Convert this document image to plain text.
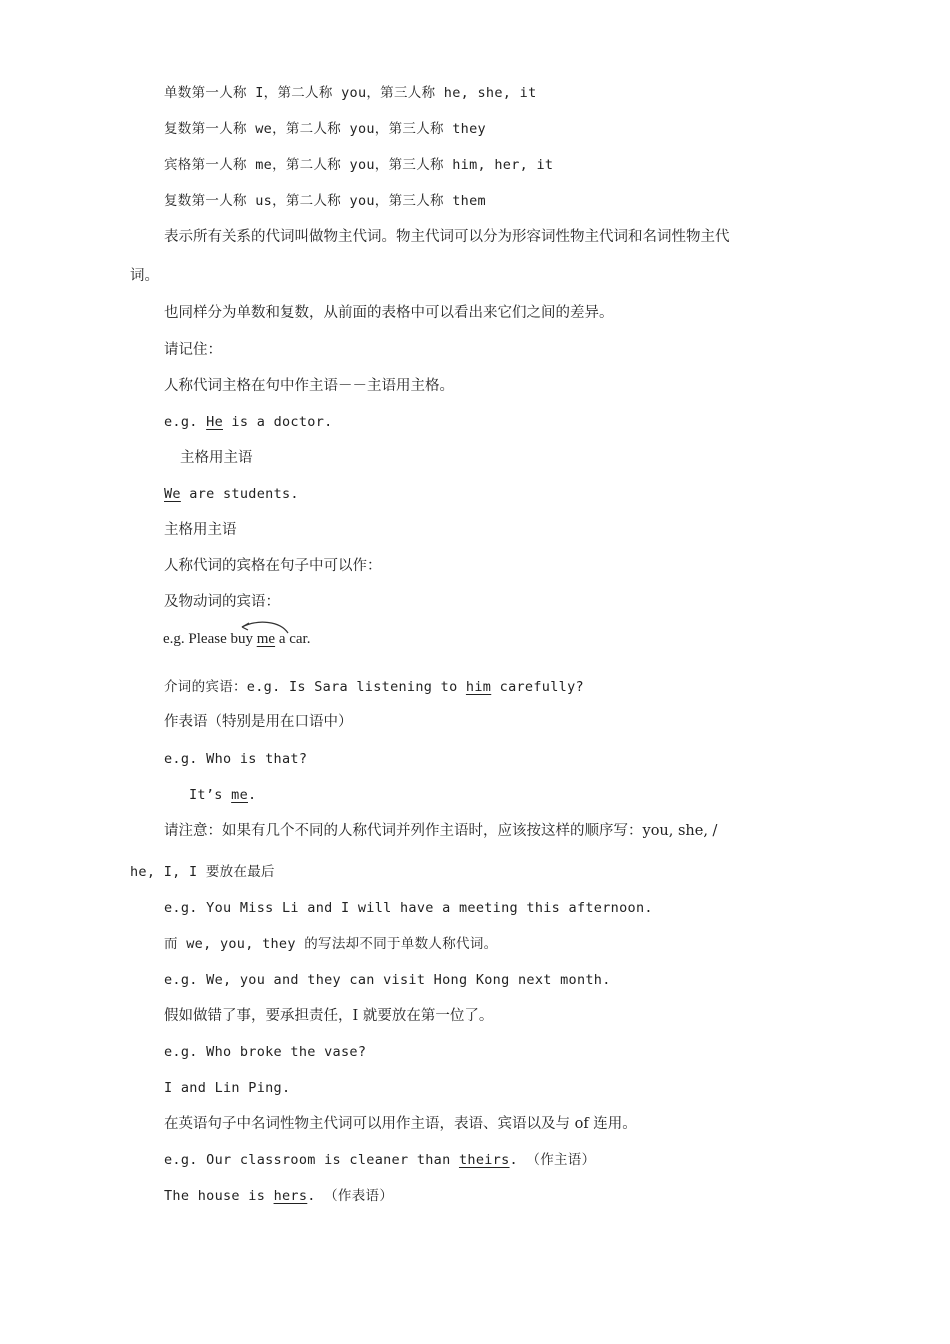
单数第一人称 I，第二人称 you，第三人称 he, she, it
复数第一人称 we，第二人称 you，第三人称 they
宾格第一人称 me，第二人称 you，第三人称 him, her, it
复数第一人称 us，第二人称 you，第三人称 them
表示所有关系的代词叫做物主代词。物主代词可以分为形容词性物主代词和名词性物主代
词。
也同样分为单数和复数，从前面的表格中可以看出来它们之间的差异。
请记住：
人称代词主格在句中作主语－－主语用主格。
e.g. He is a doctor.
主格用主语
We are students.
主格用主语
人称代词的宾格在句子中可以作：
及物动词的宾语：
e.g. Please buy me a car.
介词的宾语：e.g. Is Sara listening to him carefully?
作表语（特别是用在口语中）
e.g. Who is that?
It’s me.
请注意：如果有几个不同的人称代词并列作主语时，应该按这样的顺序写：you, she, /
he, I, I 要放在最后
e.g. You Miss Li and I will have a meeting this afternoon.
而 we, you, they 的写法却不同于单数人称代词。
e.g. We, you and they can visit Hong Kong next month.
假如做错了事，要承担责任，I 就要放在第一位了。
e.g. Who broke the vase?
I and Lin Ping.
在英语句子中名词性物主代词可以用作主语，表语、宾语以及与 of 连用。
e.g. Our classroom is cleaner than theirs. （作主语）
The house is hers. （作表语）
